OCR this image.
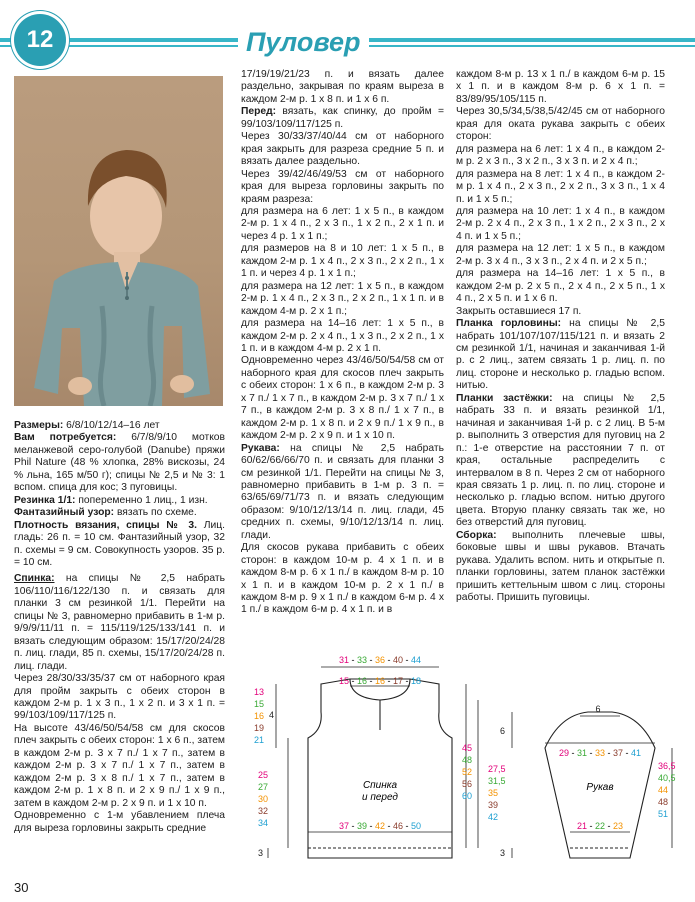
12	Пуловер

Размеры: 6/8/10/12/14–16 лет

Вам потребуется: 6/7/8/9/10 мотков меланжевой серо-голубой (Danube) пряжи Phil Nature (48 % хлопка, 28% вискозы, 24 % льна, 165 м/50 г); спицы № 2,5 и № 3: 1 вспом. спица для кос; 3 пуговицы.

Резинка 1/1: попеременно 1 лиц., 1 изн.

Фантазийный узор: вязать по схеме.

Плотность вязания, спицы № 3. Лиц. гладь: 26 п. = 10 см. Фантазийный узор, 32 п. схемы = 9 см. Совокупность узоров. 35 р. = 10 см.

Спинка: на спицы № 2,5 набрать 106/110/116/122/130 п. и связать для планки 3 см резинкой 1/1. Перейти на спицы № 3, равномерно прибавить в 1-м р. 9/9/9/11/11 п. = 115/119/125/133/141 п. и вязать следующим образом: 15/17/20/24/28 п. лиц. глади, 85 п. схемы, 15/17/20/24/28 п. лиц. глади.

Через 28/30/33/35/37 см от наборного края для пройм закрыть с обеих сторон в каждом 2-м р. 1 х 3 п., 1 х 2 п. и 3 х 1 п. = 99/103/109/117/125 п.

На высоте 43/46/50/54/58 см для скосов плеч закрыть с обеих сторон: 1 х 6 п., затем в каждом 2-м р. 3 х 7 п./ 1 х 7 п., затем в каждом 2-м р. 3 х 7 п./ 1 х 7 п., затем в каждом 2-м р. 3 х 8 п./ 1 х 7 п., затем в каждом 2-м р. 1 х 8 п. и 2 х 9 п./ 1 х 9 п., затем в каждом 2-м р. 2 х 9 п. и 1 х 10 п.

Одновременно с 1-м убавлением плеча для выреза горловины закрыть средние

17/19/19/21/23 п. и вязать далее раздельно, закрывая по краям выреза в каждом 2-м р. 1 х 8 п. и 1 х 6 п.

Перед: вязать, как спинку, до пройм = 99/103/109/117/125 п.

Через 30/33/37/40/44 см от наборного края закрыть для разреза средние 5 п. и вязать далее раздельно.

Через 39/42/46/49/53 см от наборного края для выреза горловины закрыть по краям разреза:

для размера на 6 лет: 1 х 5 п., в каждом 2-м р. 1 х 4 п., 2 х 3 п., 1 х 2 п., 2 х 1 п. и через 4 р. 1 х 1 п.;

для размеров на 8 и 10 лет: 1 х 5 п., в каждом 2-м р. 1 х 4 п., 2 х 3 п., 2 х 2 п., 1 х 1 п. и через 4 р. 1 х 1 п.;

для размера на 12 лет: 1 х 5 п., в каждом 2-м р. 1 х 4 п., 2 х 3 п., 2 х 2 п., 1 х 1 п. и в каждом 4-м р. 2 х 1 п.;

для размера на 14–16 лет: 1 х 5 п., в каждом 2-м р. 2 х 4 п., 1 х 3 п., 2 х 2 п., 1 х 1 п. и в каждом 4-м р. 2 х 1 п.

Одновременно через 43/46/50/54/58 см от наборного края для скосов плеч закрыть с обеих сторон: 1 х 6 п., в каждом 2-м р. 3 х 7 п./ 1 х 7 п., в каждом 2-м р. 3 х 7 п./ 1 х 7 п., в каждом 2-м р. 3 х 8 п./ 1 х 7 п., в каждом 2-м р. 1 х 8 п. и 2 х 9 п./ 1 х 9 п., в каждом 2-м р. 2 х 9 п. и 1 х 10 п.

Рукава: на спицы № 2,5 набрать 60/62/66/66/70 п. и связать для планки 3 см резинкой 1/1. Перейти на спицы № 3, равномерно прибавить в 1-м р. 3 п. = 63/65/69/71/73 п. и вязать следующим образом: 9/10/12/13/14 п. лиц. глади, 45 средних п. схемы, 9/10/12/13/14 п. лиц. глади.

Для скосов рукава прибавить с обеих сторон: в каждом 10-м р. 4 х 1 п. и в каждом 8-м р. 6 х 1 п./ в каждом 8-м р. 10 х 1 п. и в каждом 10-м р. 2 х 1 п./ в каждом 8-м р. 9 х 1 п./ в каждом 6-м р. 4 х 1 п./ в каждом 6-м р. 4 х 1 п. и в

каждом 8-м р. 13 х 1 п./ в каждом 6-м р. 15 х 1 п. и в каждом 8-м р. 6 х 1 п. = 83/89/95/105/115 п.

Через 30,5/34,5/38,5/42/45 см от наборного края для оката рукава закрыть с обеих сторон:

для размера на 6 лет: 1 х 4 п., в каждом 2-м р. 2 х 3 п., 3 х 2 п., 3 х 3 п. и 2 х 4 п.;

для размера на 8 лет: 1 х 4 п., в каждом 2-м р. 1 х 4 п., 2 х 3 п., 2 х 2 п., 3 х 3 п., 1 х 4 п. и 1 х 5 п.;

для размера на 10 лет: 1 х 4 п., в каждом 2-м р. 2 х 4 п., 2 х 3 п., 1 х 2 п., 2 х 3 п., 2 х 4 п. и 1 х 5 п.;

для размера на 12 лет: 1 х 5 п., в каждом 2-м р. 3 х 4 п., 3 х 3 п., 2 х 4 п. и 2 х 5 п.;

для размера на 14–16 лет: 1 х 5 п., в каждом 2-м р. 2 х 5 п., 2 х 4 п., 2 х 5 п., 1 х 4 п., 2 х 5 п. и 1 х 6 п.

Закрыть оставшиеся 17 п.

Планка горловины: на спицы № 2,5 набрать 101/107/107/115/121 п. и вязать 2 см резинкой 1/1, начиная и заканчивая 1-й р. с 2 лиц., затем связать 1 р. лиц. п. по лиц. стороне и несколько р. гладью вспом. нитью.

Планки застёжки: на спицы № 2,5 набрать 33 п. и вязать резинкой 1/1, начиная и заканчивая 1-й р. с 2 лиц. В 5-м р. выполнить 3 отверстия для пуговиц на 2 п.: 1-е отверстие на расстоянии 7 п. от края, остальные распределить с интервалом в 8 п. Через 2 см от наборного края связать 1 р. лиц. п. по лиц. стороне и несколько р. гладью вспом. нитью другого цвета. Вторую планку связать так же, но без отверстий для пуговиц.

Сборка: выполнить плечевые швы, боковые швы и швы рукавов. Втачать рукава. Удалить вспом. нить и открытые п. планки горловины, затем планок застёжки пришить кеттельным швом с лиц. стороны работы. Пришить пуговицы.

Спинка
и перед
Рукав
31 - 33 - 36 - 40 - 44
15 - 16 - 16 - 17 - 18
37 - 39 - 42 - 46 - 50
13
15
16
19
21
25
27
30
32
34
45
48
52
56
60
27,5
31,5
35
39
42
29 - 31 - 33 - 37 - 41
21 - 22 - 23
36,5
40,5
44
48
51
4
6
6
3	3
30
